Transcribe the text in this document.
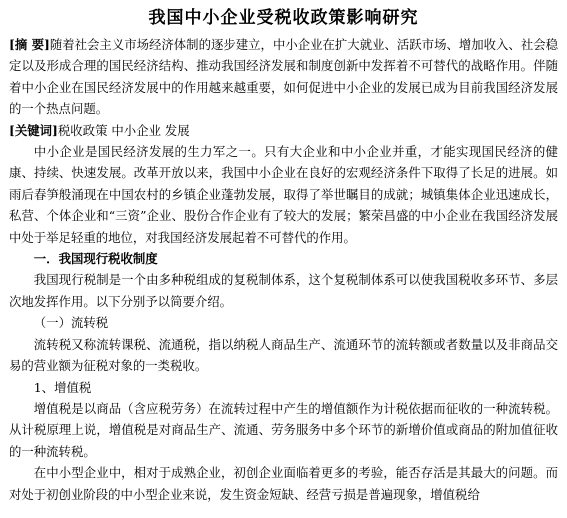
我国中小企业受税收政策影响研究

[摘 要]随着社会主义市场经济体制的逐步建立，中小企业在扩大就业、活跃市场、增加收入、社会稳定以及形成合理的国民经济结构、推动我国经济发展和制度创新中发挥着不可替代的战略作用。伴随着中小企业在国民经济发展中的作用越来越重要，如何促进中小企业的发展已成为目前我国经济发展的一个热点问题。

[关键词]税收政策 中小企业 发展

中小企业是国民经济发展的生力军之一。只有大企业和中小企业并重，才能实现国民经济的健康、持续、快速发展。改革开放以来，我国中小企业在良好的宏观经济条件下取得了长足的进展。如雨后春笋般涌现在中国农村的乡镇企业蓬勃发展，取得了举世瞩目的成就；城镇集体企业迅速成长，私营、个体企业和“三资”企业、股份合作企业有了较大的发展；繁荣昌盛的中小企业在我国经济发展中处于举足轻重的地位，对我国经济发展起着不可替代的作用。

一．我国现行税收制度

我国现行税制是一个由多种税组成的复税制体系，这个复税制体系可以使我国税收多环节、多层次地发挥作用。以下分别予以简要介绍。

（一）流转税

流转税又称流转课税、流通税，指以纳税人商品生产、流通环节的流转额或者数量以及非商品交易的营业额为征税对象的一类税收。

1、增值税

增值税是以商品（含应税劳务）在流转过程中产生的增值额作为计税依据而征收的一种流转税。从计税原理上说，增值税是对商品生产、流通、劳务服务中多个环节的新增价值或商品的附加值征收的一种流转税。

在中小型企业中，相对于成熟企业，初创企业面临着更多的考验，能否存活是其最大的问题。而对处于初创业阶段的中小型企业来说，发生资金短缺、经营亏损是普遍现象，增值税给
